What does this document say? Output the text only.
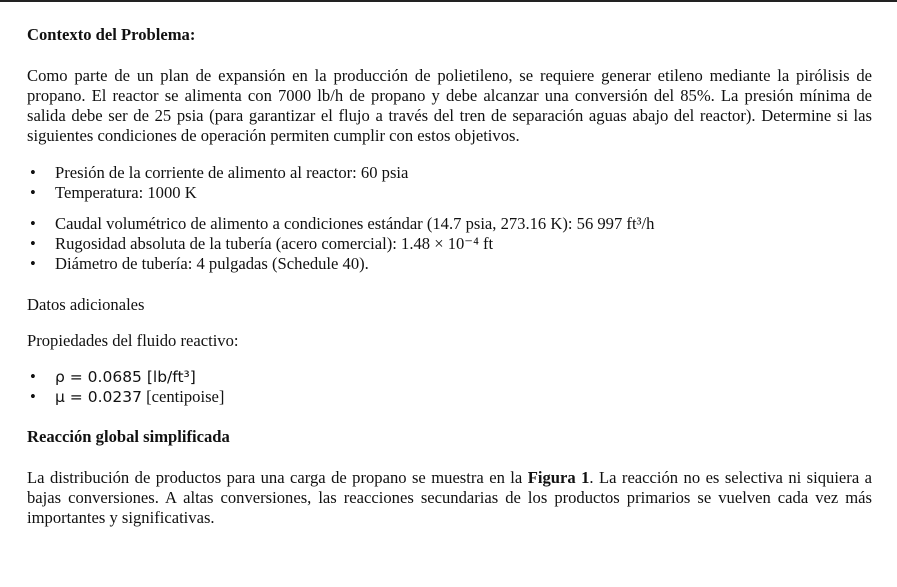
Contexto del Problema:

Como parte de un plan de expansión en la producción de polietileno, se requiere generar etileno mediante la pirólisis de propano. El reactor se alimenta con 7000 lb/h de propano y debe alcanzar una conversión del 85%. La presión mínima de salida debe ser de 25 psia (para garantizar el flujo a través del tren de separación aguas abajo del reactor). Determine si las siguientes condiciones de operación permiten cumplir con estos objetivos.

• Presión de la corriente de alimento al reactor: 60 psia
• Temperatura: 1000 K
• Caudal volumétrico de alimento a condiciones estándar (14.7 psia, 273.16 K): 56 997 ft³/h
• Rugosidad absoluta de la tubería (acero comercial): 1.48 × 10⁻⁴ ft
• Diámetro de tubería: 4 pulgadas (Schedule 40).

Datos adicionales

Propiedades del fluido reactivo:

• ρ = 0.0685 [lb/ft³]
• μ = 0.0237 [centipoise]
Reacción global simplificada

La distribución de productos para una carga de propano se muestra en la Figura 1. La reacción no es selectiva ni siquiera a bajas conversiones. A altas conversiones, las reacciones secundarias de los productos primarios se vuelven cada vez más importantes y significativas.
